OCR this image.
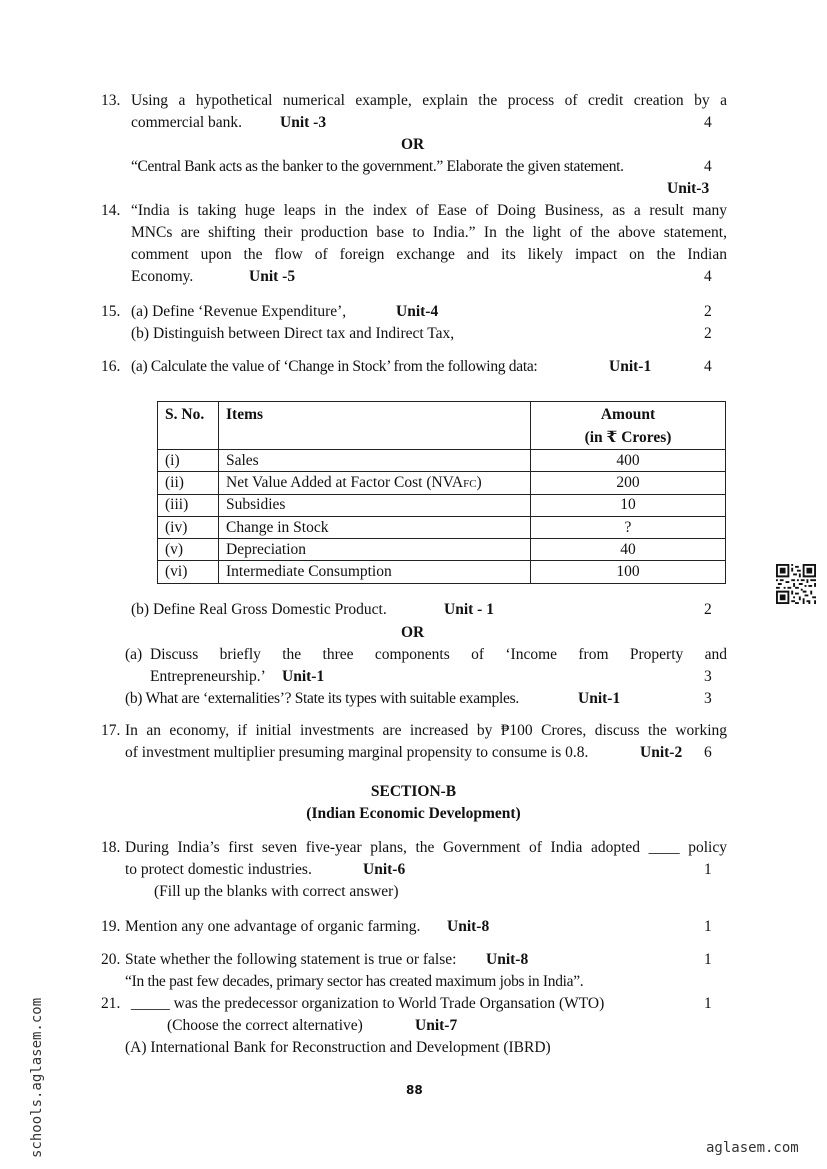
13. Using a hypothetical numerical example, explain the process of credit creation by a
commercial bank. Unit -3	4
OR
“Central Bank acts as the banker to the government.” Elaborate the given statement.	4
Unit-3
14. “India is taking huge leaps in the index of Ease of Doing Business, as a result many
MNCs are shifting their production base to India.” In the light of the above statement,
comment upon the flow of foreign exchange and its likely impact on the Indian
Economy.	Unit -5	4
15. (a) Define ‘Revenue Expenditure’,	Unit-4	2
(b) Distinguish between Direct tax and Indirect Tax,	2
16. (a) Calculate the value of ‘Change in Stock’ from the following data:	Unit-1	4
S. No.	Items	Amount
(in ₹ Crores)
(i)	Sales	400
(ii)	Net Value Added at Factor Cost (NVAFC)	200
(iii)	Subsidies	10
(iv)	Change in Stock	?
(v)	Depreciation	40
(vi)	Intermediate Consumption	100
(b) Define Real Gross Domestic Product.	Unit - 1	2
OR
(a) Discuss briefly the three components of ‘Income from Property and
Entrepreneurship.’ Unit-1	3
(b) What are ‘externalities’? State its types with suitable examples.	Unit-1	3
17. In an economy, if initial investments are increased by ₱100 Crores, discuss the working
of investment multiplier presuming marginal propensity to consume is 0.8.	Unit-2 6
SECTION-B
(Indian Economic Development)
18. During India’s first seven five-year plans, the Government of India adopted ____ policy
to protect domestic industries.	Unit-6	1
(Fill up the blanks with correct answer)
19. Mention any one advantage of organic farming. Unit-8	1
20. State whether the following statement is true or false: Unit-8	1
“In the past few decades, primary sector has created maximum jobs in India”.
21. _____ was the predecessor organization to World Trade Organsation (WTO)	1
(Choose the correct alternative)	Unit-7
(A) International Bank for Reconstruction and Development (IBRD)
88
schools.aglasem.com	aglasem.com
